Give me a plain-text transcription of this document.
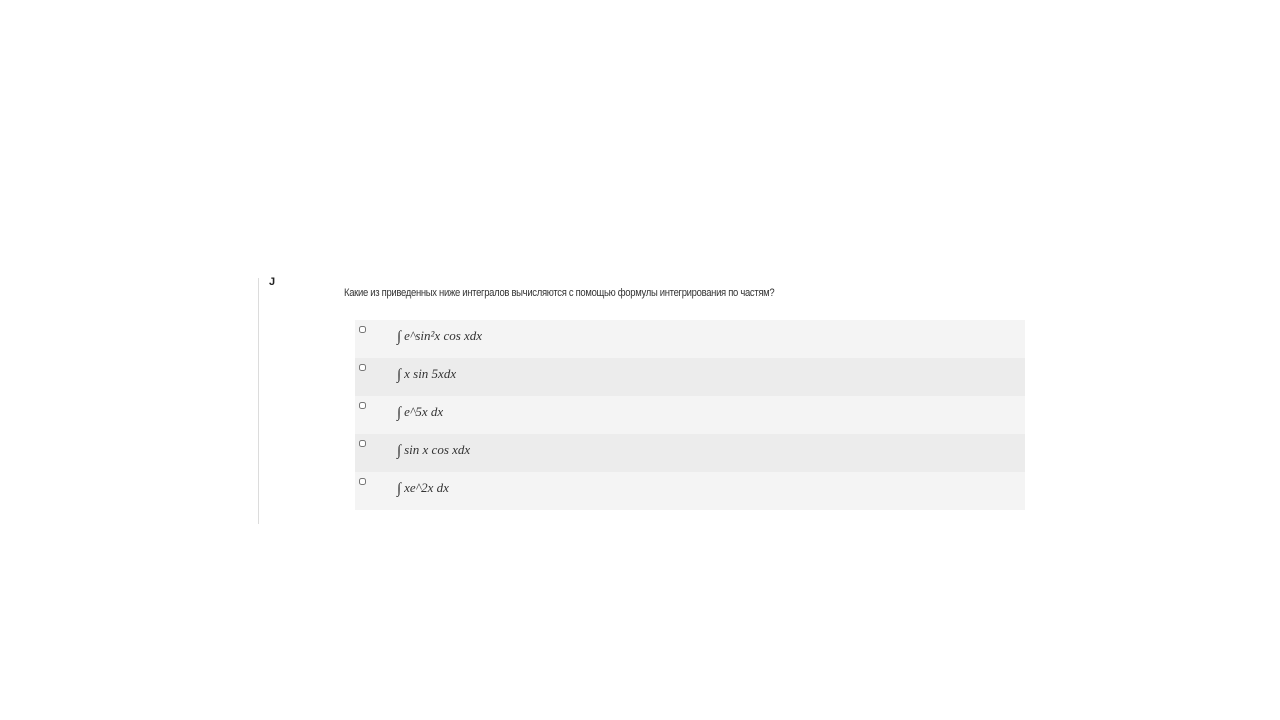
J
Какие из приведенных ниже интегралов вычисляются с помощью формулы интегрирования по частям?
∫ e^sin²x cos xdx
∫ x sin 5xdx
∫ e^5x dx
∫ sin x cos xdx
∫ xe^2x dx
